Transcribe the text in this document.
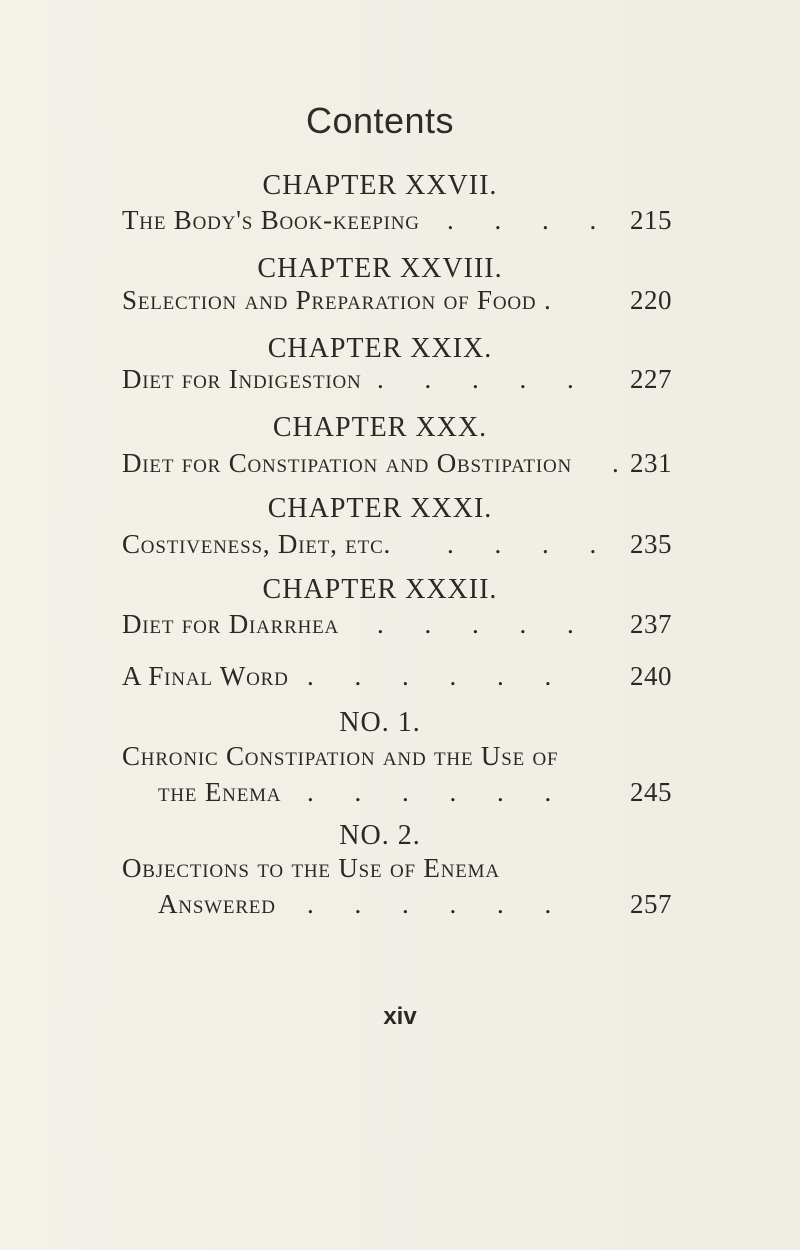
Contents
CHAPTER XXVII.
The Body's Book-keeping . . . . 215
CHAPTER XXVIII.
Selection and Preparation of Food .	220
CHAPTER XXIX.
Diet for Indigestion . . . . . 227
CHAPTER XXX.
Diet for Constipation and Obstipation .
231
CHAPTER XXXI.
Costiveness, Diet, etc. . . . . 235
CHAPTER XXXII.
Diet for Diarrhea . . . . . 237
A Final Word . . . . . . 240
NO. 1.
Chronic Constipation and the Use of
the Enema . . . . . . 245
NO. 2.
Objections to the Use of Enema
Answered . . . . . . 257
xiv
